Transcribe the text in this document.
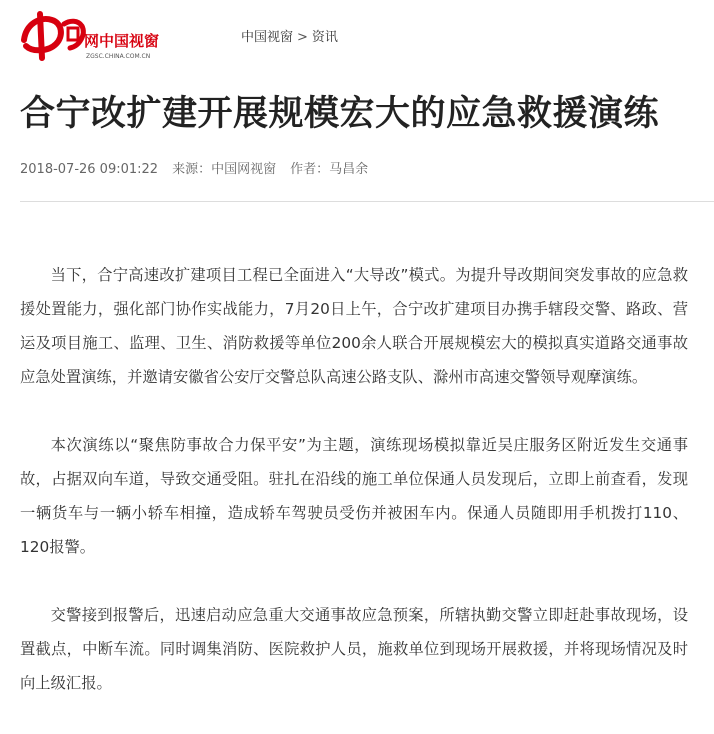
网中国视窗
ZGSC.CHINA.COM.CN
中国视窗 > 资讯
合宁改扩建开展规模宏大的应急救援演练
2018-07-26 09:01:22 来源：中国网视窗 作者：马昌余

当下，合宁高速改扩建项目工程已全面进入“大导改”模式。为提升导改期间突发事故的应急救援处置能力，强化部门协作实战能力，7月20日上午，合宁改扩建项目办携手辖段交警、路政、营运及项目施工、监理、卫生、消防救援等单位200余人联合开展规模宏大的模拟真实道路交通事故应急处置演练，并邀请安徽省公安厅交警总队高速公路支队、滁州市高速交警领导观摩演练。

本次演练以“聚焦防事故合力保平安”为主题，演练现场模拟靠近吴庄服务区附近发生交通事故，占据双向车道，导致交通受阻。驻扎在沿线的施工单位保通人员发现后，立即上前查看，发现一辆货车与一辆小轿车相撞，造成轿车驾驶员受伤并被困车内。保通人员随即用手机拨打110、120报警。

交警接到报警后，迅速启动应急重大交通事故应急预案，所辖执勤交警立即赶赴事故现场，设置截点，中断车流。同时调集消防、医院救护人员，施救单位到现场开展救援，并将现场情况及时向上级汇报。
